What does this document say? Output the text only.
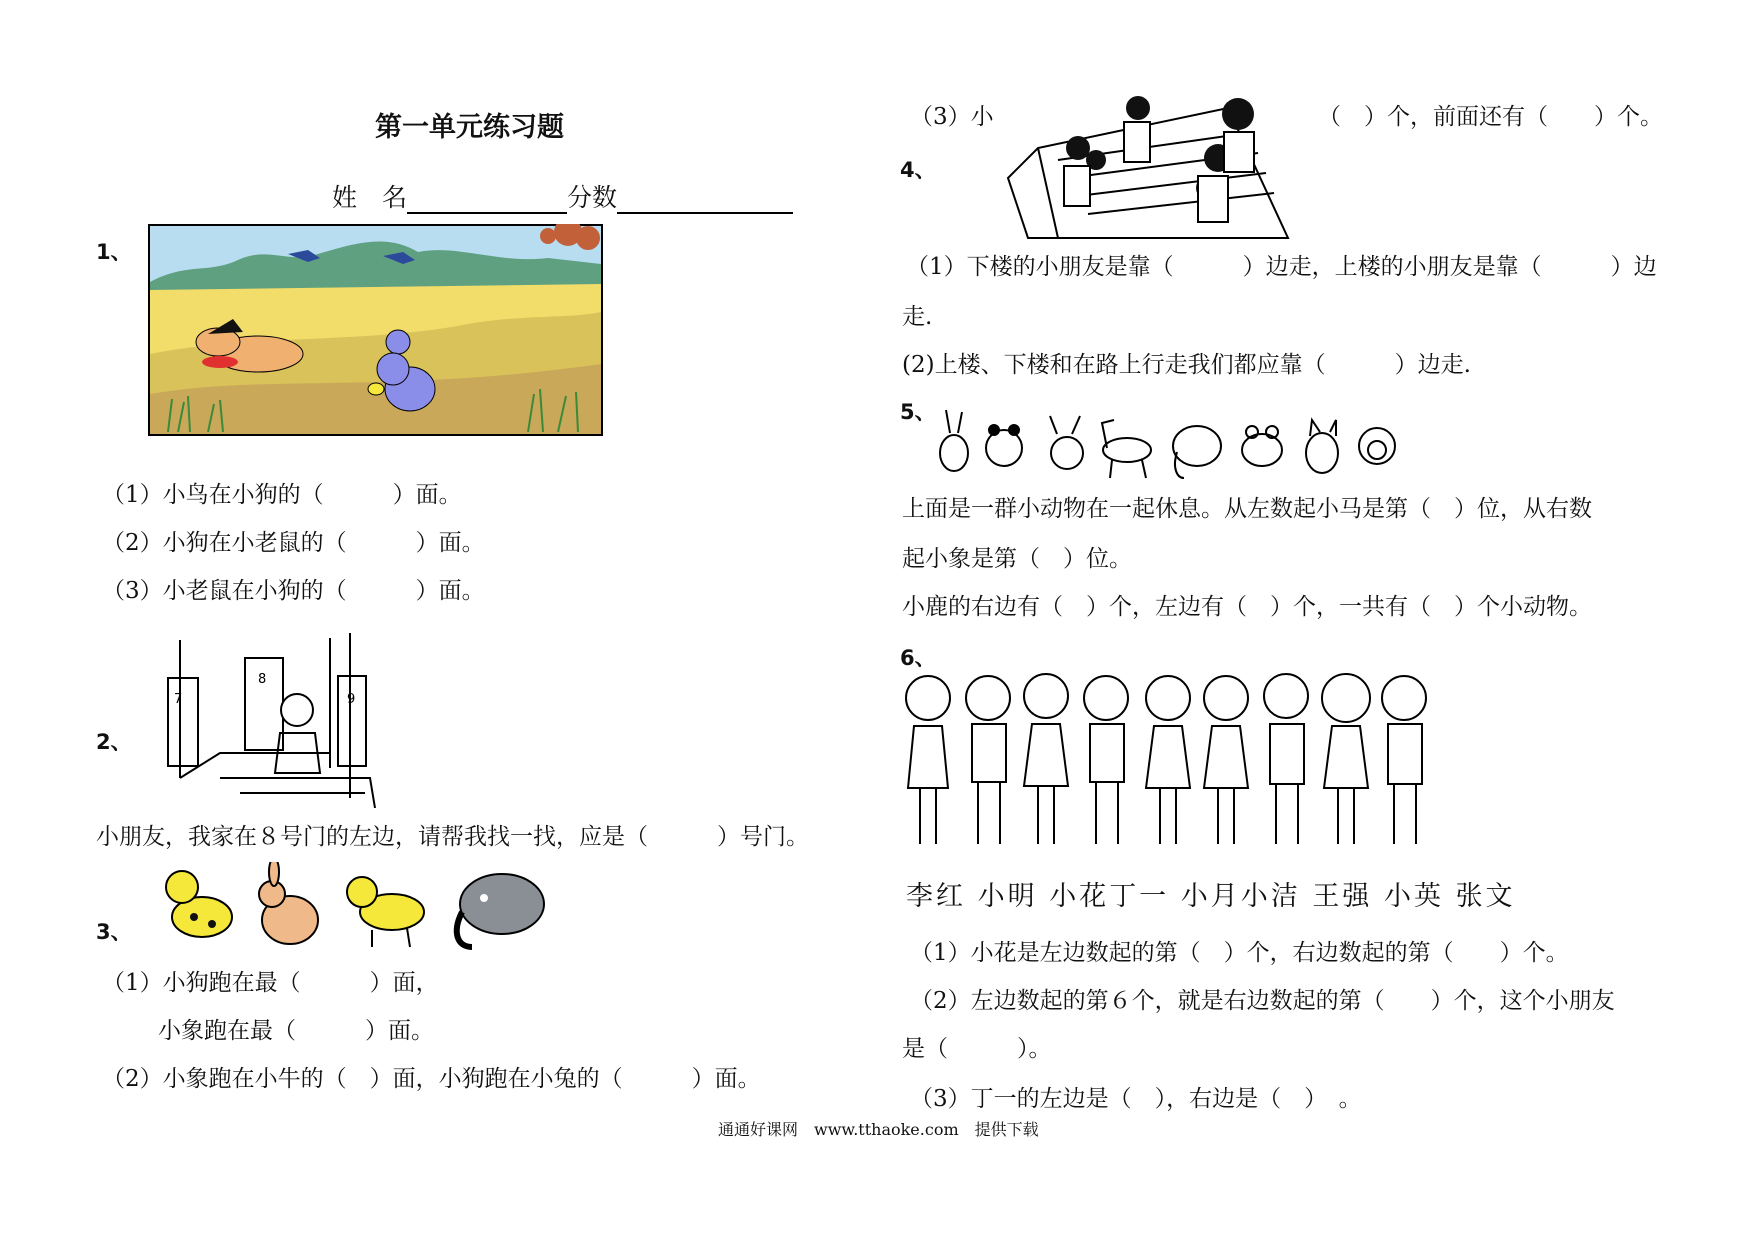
第一单元练习题
姓　名	分数
1、
（1）小鸟在小狗的（　　　）面。
（2）小狗在小老鼠的（　　　）面。
（3）小老鼠在小狗的（　　　）面。
7
8
9
2、
小朋友，我家在８号门的左边，请帮我找一找，应是（　　　）号门。
3、
（1）小狗跑在最（　　　）面，
小象跑在最（　　　）面。
（2）小象跑在小牛的（　）面，小狗跑在小兔的（　　　）面。
（3）小	（　）个，前面还有（　　）个。
4、
（1）下楼的小朋友是靠（　　　）边走，上楼的小朋友是靠（　　　）边
走.
(2)上楼、下楼和在路上行走我们都应靠（　　　）边走.
5、
上面是一群小动物在一起休息。从左数起小马是第（　）位，从右数
起小象是第（　）位。
小鹿的右边有（　）个，左边有（　）个，一共有（　）个小动物。
6、
李红 小明 小花丁一 小月小洁 王强 小英 张文
（1）小花是左边数起的第（　）个，右边数起的第（　　）个。
（2）左边数起的第６个，就是右边数起的第（　　）个，这个小朋友
是（　　　）。
（3）丁一的左边是（　），右边是（　）　。
通通好课网　www.tthaoke.com　提供下载
